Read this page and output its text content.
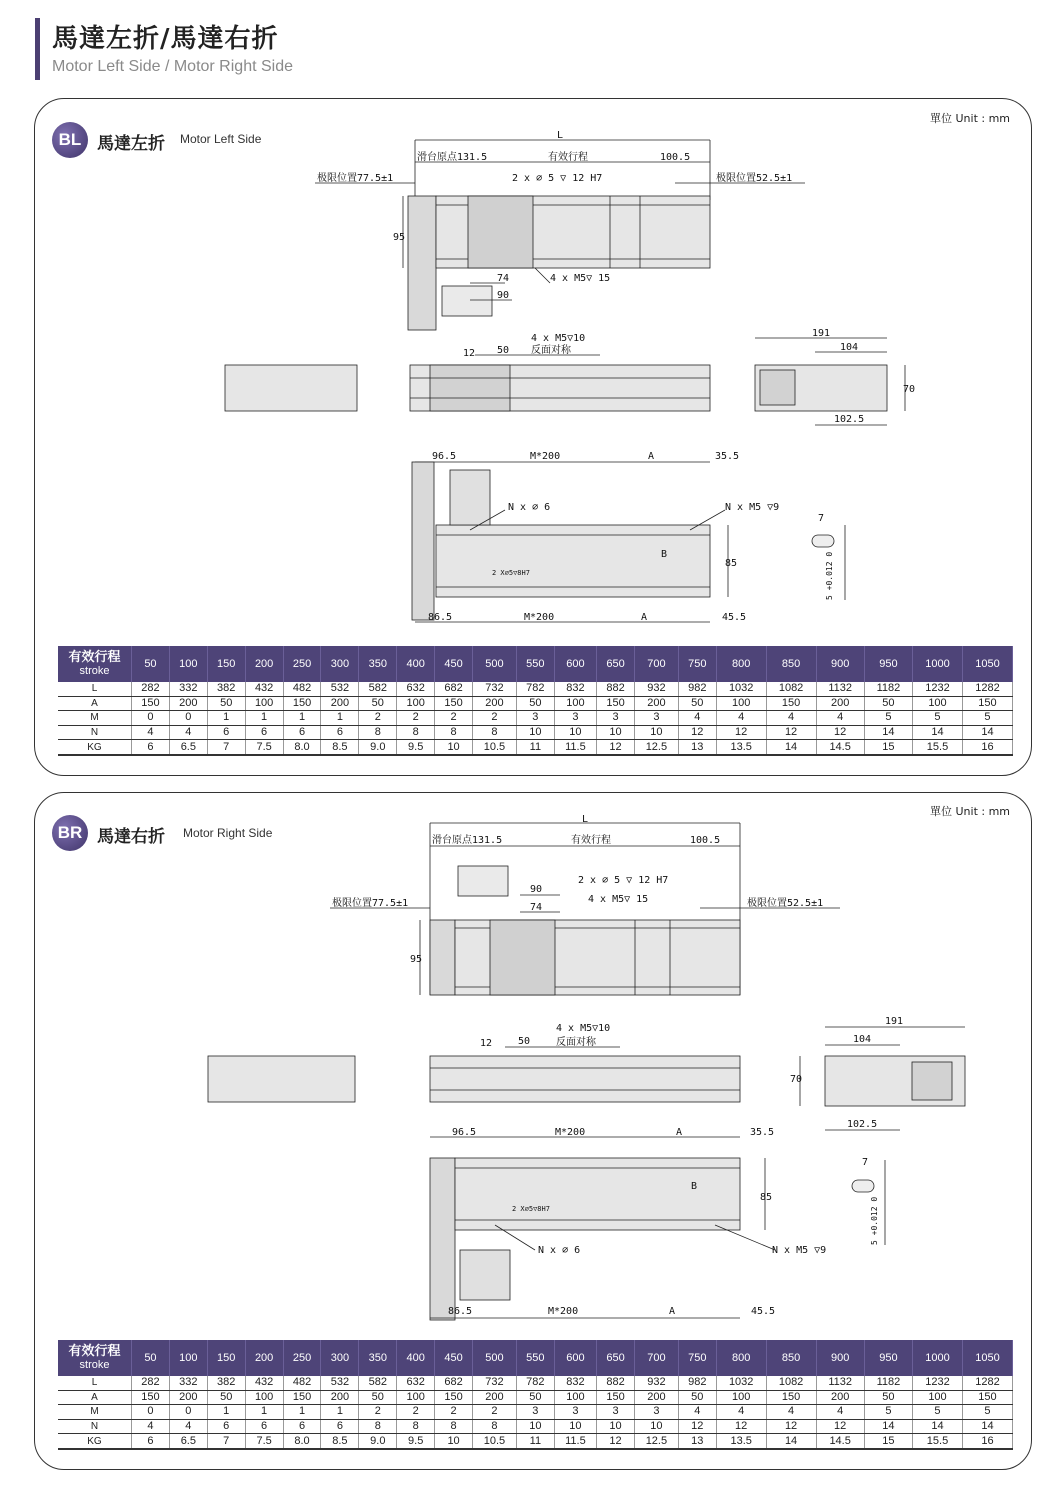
馬達左折/馬達右折
Motor Left Side / Motor Right Side
BL 馬達左折 Motor Left Side
單位 Unit : mm
L
滑台原点131.5	有效行程	100.5
极限位置77.5±1	极限位置52.5±1
2 x ∅ 5 ▽ 12 H7
95
74
90
4 x M5▽ 15
4 x M5▽10
反面对称
12 50
191
104
102.5
70
96.5	M*200	A	35.5
N x ∅ 6	N x M5 ▽9
7
2 X∅5▽8H7
B
85	5 +0.012 0
86.5	M*200	A	45.5
有效行程
stroke	50	100	150	200	250	300	350	400	450	500	550	600	650	700	750	800	850	900	950	1000	1050
L	282	332	382	432	482	532	582	632	682	732	782	832	882	932	982	1032	1082	1132	1182	1232	1282
A	150	200	50	100	150	200	50	100	150	200	50	100	150	200	50	100	150	200	50	100	150
M	0	0	1	1	1	1	2	2	2	2	3	3	3	3	4	4	4	4	5	5	5
N	4	4	6	6	6	6	8	8	8	8	10	10	10	10	12	12	12	12	14	14	14
KG	6	6.5	7	7.5	8.0	8.5	9.0	9.5	10	10.5	11	11.5	12	12.5	13	13.5	14	14.5	15	15.5	16
BR 馬達右折 Motor Right Side
單位 Unit : mm
L
滑台原点131.5	有效行程	100.5
极限位置77.5±1	极限位置52.5±1
2 x ∅ 5 ▽ 12 H7
95
74
90
4 x M5▽ 15
4 x M5▽10
反面对称
12	50
191
104
102.5
70
96.5	M*200	A	35.5
N x ∅ 6	N x M5 ▽9
7
2 X∅5▽8H7
B
85	5 +0.012 0
86.5	M*200	A	45.5
有效行程
stroke	50	100	150	200	250	300	350	400	450	500	550	600	650	700	750	800	850	900	950	1000	1050
L	282	332	382	432	482	532	582	632	682	732	782	832	882	932	982	1032	1082	1132	1182	1232	1282
A	150	200	50	100	150	200	50	100	150	200	50	100	150	200	50	100	150	200	50	100	150
M	0	0	1	1	1	1	2	2	2	2	3	3	3	3	4	4	4	4	5	5	5
N	4	4	6	6	6	6	8	8	8	8	10	10	10	10	12	12	12	12	14	14	14
KG	6	6.5	7	7.5	8.0	8.5	9.0	9.5	10	10.5	11	11.5	12	12.5	13	13.5	14	14.5	15	15.5	16
